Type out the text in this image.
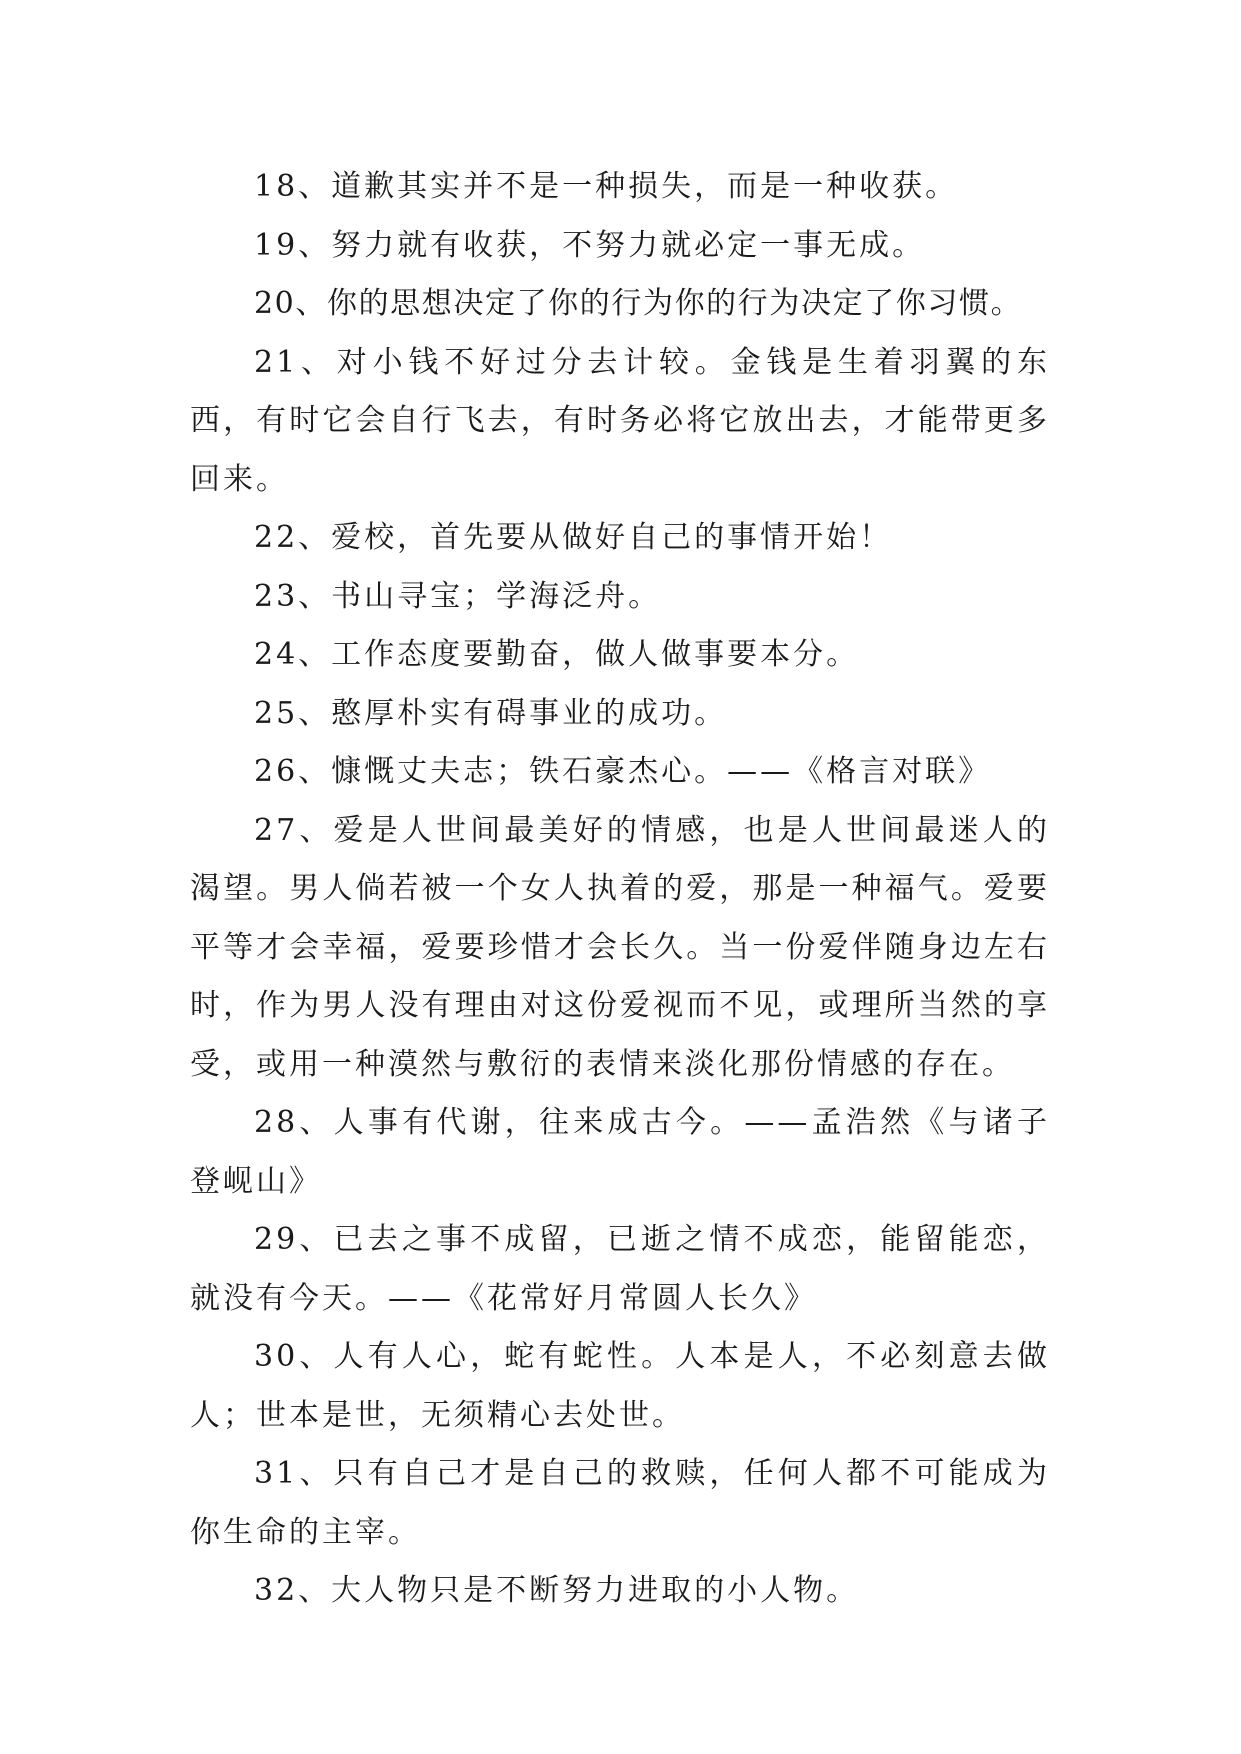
18、道歉其实并不是一种损失，而是一种收获。

19、努力就有收获，不努力就必定一事无成。

20、你的思想决定了你的行为你的行为决定了你习惯。

21、对小钱不好过分去计较。金钱是生着羽翼的东西，有时它会自行飞去，有时务必将它放出去，才能带更多回来。

22、爱校，首先要从做好自己的事情开始！

23、书山寻宝；学海泛舟。

24、工作态度要勤奋，做人做事要本分。

25、憨厚朴实有碍事业的成功。

26、慷慨丈夫志；铁石豪杰心。——《格言对联》

27、爱是人世间最美好的情感，也是人世间最迷人的渴望。男人倘若被一个女人执着的爱，那是一种福气。爱要平等才会幸福，爱要珍惜才会长久。当一份爱伴随身边左右时，作为男人没有理由对这份爱视而不见，或理所当然的享受，或用一种漠然与敷衍的表情来淡化那份情感的存在。

28、人事有代谢，往来成古今。——孟浩然《与诸子登岘山》

29、已去之事不成留，已逝之情不成恋，能留能恋，就没有今天。——《花常好月常圆人长久》

30、人有人心，蛇有蛇性。人本是人，不必刻意去做人；世本是世，无须精心去处世。

31、只有自己才是自己的救赎，任何人都不可能成为你生命的主宰。

32、大人物只是不断努力进取的小人物。
